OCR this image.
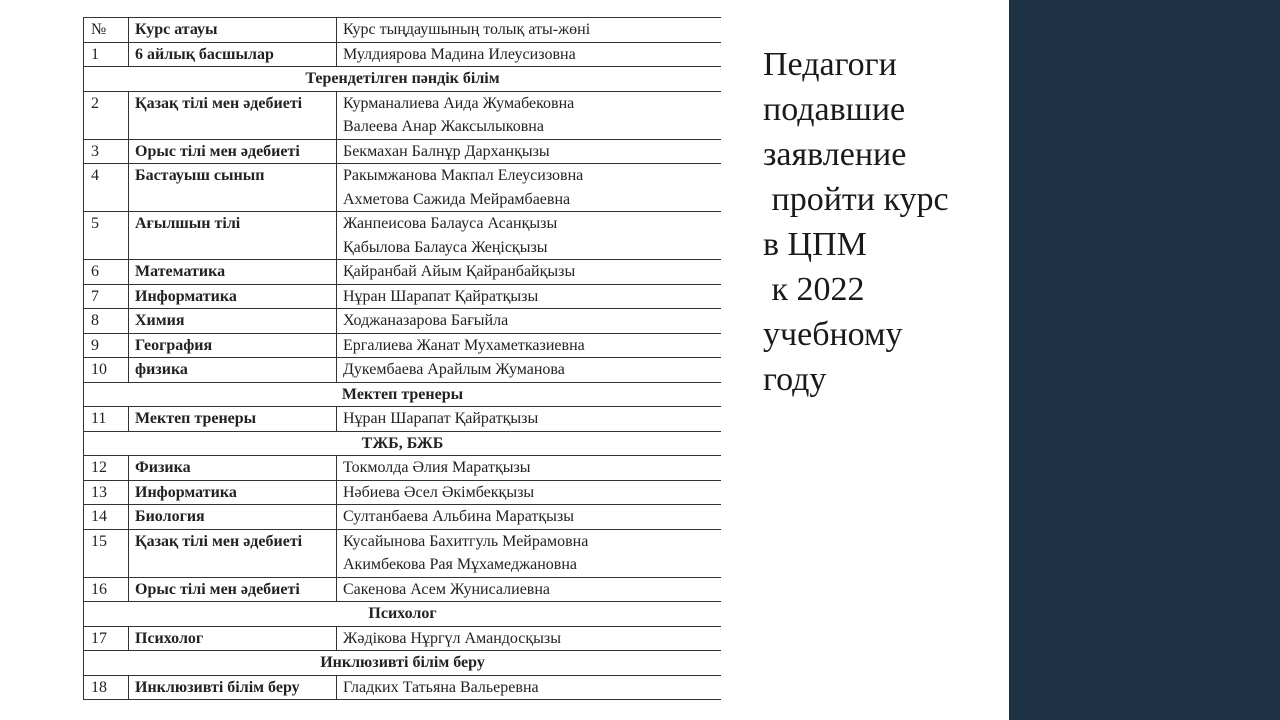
№	Курс атауы	Курс тыңдаушының толық аты-жөні
1	6 айлық басшылар	Мулдиярова Мадина Илеусизовна

Терендетілген пәндік білім		
2	Қазақ тілі мен әдебиеті	Курманалиева Аида Жумабековна
Валеева Анар Жаксылыковна

3	Орыс тілі мен әдебиеті	Бекмахан Балнұр Дарханқызы

4	Бастауыш сынып	Ракымжанова Макпал Елеусизовна
Ахметова Сажида Мейрамбаевна

5	Ағылшын тілі	Жанпеисова Балауса Асанқызы
Қабылова Балауса Жеңісқызы

6	Математика	Қайранбай Айым Қайранбайқызы

7	Информатика	Нұран Шарапат Қайратқызы

8	Химия	Ходжаназарова Бағыйла

9	География	Ергалиева Жанат Мухаметказиевна

10	физика	Дукембаева Арайлым Жуманова

Мектеп тренеры		
11	Мектеп тренеры	Нұран Шарапат Қайратқызы

ТЖБ, БЖБ		
12	Физика	Токмолда Әлия Маратқызы

13	Информатика	Нәбиева Әсел Әкімбекқызы

14	Биология	Султанбаева Альбина Маратқызы

15	Қазақ тілі мен әдебиеті	Кусайынова Бахитгуль Мейрамовна
Акимбекова Рая Мұхамеджановна

16	Орыс тілі мен әдебиеті	Сакенова Асем Жунисалиевна

Психолог		
17	Психолог	Жәдікова Нұргүл Амандосқызы

Инклюзивті білім беру		
18	Инклюзивті білім беру	Гладких Татьяна Вальеревна
Педагоги
подавшие
заявление
пройти курс
в ЦПМ
к 2022
учебному
году
